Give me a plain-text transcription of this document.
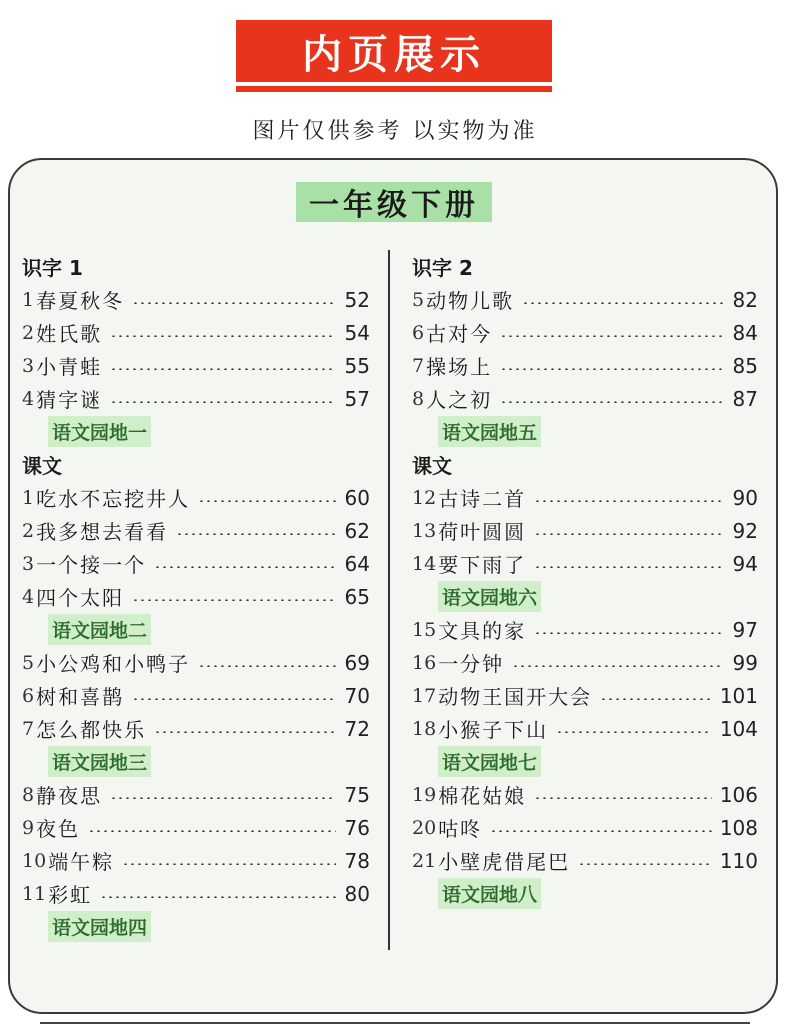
内页展示
图片仅供参考 以实物为准
一年级下册
识字 1
1 春夏秋冬	52
2 姓氏歌	54
3 小青蛙	55
4 猜字谜	57
语文园地一
课文
1 吃水不忘挖井人	60
2 我多想去看看	62
3 一个接一个	64
4 四个太阳	65
语文园地二
5 小公鸡和小鸭子	69
6 树和喜鹊	70
7 怎么都快乐	72
语文园地三
8 静夜思	75
9 夜色	76
10 端午粽	78
11 彩虹	80
语文园地四
识字 2
5 动物儿歌	82
6 古对今	84
7 操场上	85
8 人之初	87
语文园地五
课文
12 古诗二首	90
13 荷叶圆圆	92
14 要下雨了	94
语文园地六
15 文具的家	97
16 一分钟	99
17 动物王国开大会	101
18 小猴子下山	104
语文园地七
19 棉花姑娘	106
20 咕咚	108
21 小壁虎借尾巴	110
语文园地八
